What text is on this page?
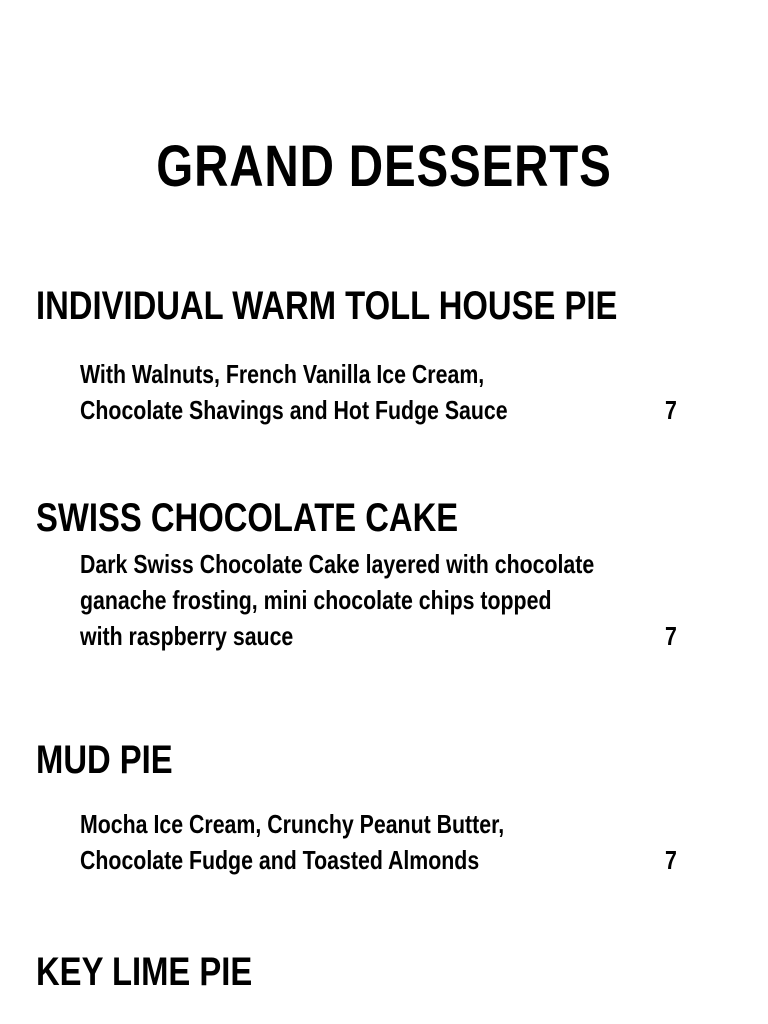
GRAND DESSERTS
INDIVIDUAL WARM TOLL HOUSE PIE
With Walnuts, French Vanilla Ice Cream,
Chocolate Shavings and Hot Fudge Sauce	7
SWISS CHOCOLATE CAKE
Dark Swiss Chocolate Cake layered with chocolate
ganache frosting, mini chocolate chips topped
with raspberry sauce	7
MUD PIE
Mocha Ice Cream, Crunchy Peanut Butter,
Chocolate Fudge and Toasted Almonds	7
KEY LIME PIE
